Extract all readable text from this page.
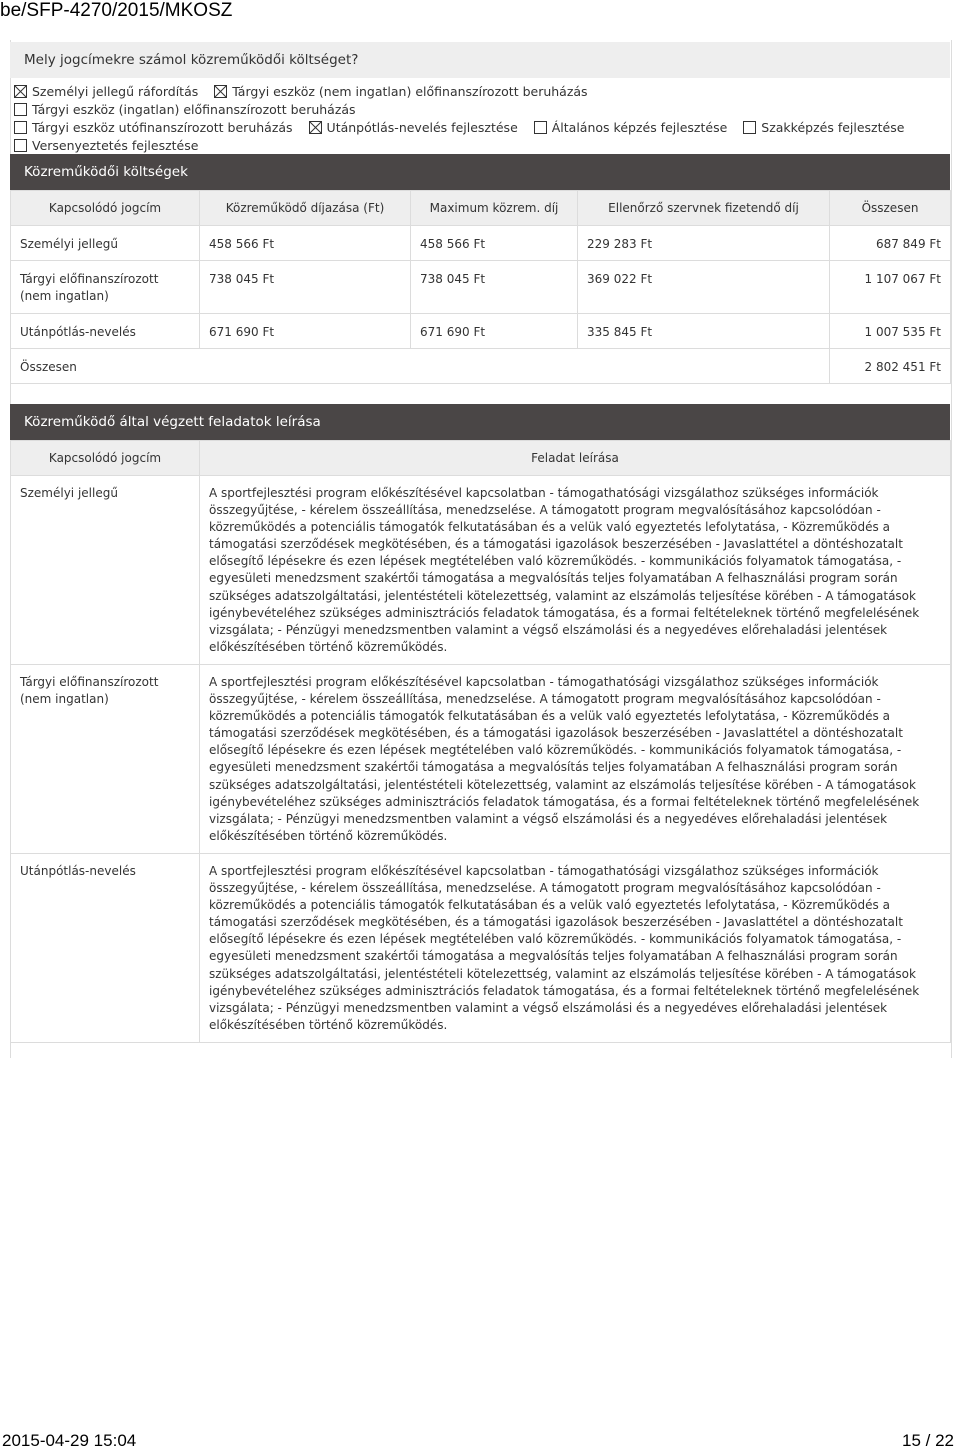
be/SFP-4270/2015/MKOSZ
Mely jogcímekre számol közreműködői költséget?
Személyi jellegű ráfordítás	Tárgyi eszköz (nem ingatlan) előfinanszírozott beruházás Tárgyi eszköz (ingatlan) előfinanszírozott beruházás
Tárgyi eszköz utófinanszírozott beruházás	Utánpótlás-nevelés fejlesztése	Általános képzés fejlesztése	Szakképzés fejlesztése
Versenyeztetés fejlesztése
Közreműködői költségek
Kapcsolódó jogcím	Közreműködő díjazása (Ft)	Maximum közrem. díj	Ellenőrző szervnek fizetendő díj	Összesen
Személyi jellegű	458 566 Ft	458 566 Ft	229 283 Ft	687 849 Ft
Tárgyi előfinanszírozott (nem ingatlan)	738 045 Ft	738 045 Ft	369 022 Ft	1 107 067 Ft
Utánpótlás-nevelés	671 690 Ft	671 690 Ft	335 845 Ft	1 007 535 Ft
Összesen				2 802 451 Ft
Közreműködő által végzett feladatok leírása
Kapcsolódó jogcím	Feladat leírása
Személyi jellegű	A sportfejlesztési program előkészítésével kapcsolatban - támogathatósági vizsgálathoz szükséges információk összegyűjtése, - kérelem összeállítása, menedzselése. A támogatott program megvalósításához kapcsolódóan - közreműködés a potenciális támogatók felkutatásában és a velük való egyeztetés lefolytatása, - Közreműködés a támogatási szerződések megkötésében, és a támogatási igazolások beszerzésében - Javaslattétel a döntéshozatalt elősegítő lépésekre és ezen lépések megtételében való közreműködés. - kommunikációs folyamatok támogatása, - egyesületi menedzsment szakértői támogatása a megvalósítás teljes folyamatában A felhasználási program során szükséges adatszolgáltatási, jelentéstételi kötelezettség, valamint az elszámolás teljesítése körében - A támogatások igénybevételéhez szükséges adminisztrációs feladatok támogatása, és a formai feltételeknek történő megfelelésének vizsgálata; - Pénzügyi menedzsmentben valamint a végső elszámolási és a negyedéves előrehaladási jelentések előkészítésében történő közreműködés.
Tárgyi előfinanszírozott (nem ingatlan)	A sportfejlesztési program előkészítésével kapcsolatban - támogathatósági vizsgálathoz szükséges információk összegyűjtése, - kérelem összeállítása, menedzselése. A támogatott program megvalósításához kapcsolódóan - közreműködés a potenciális támogatók felkutatásában és a velük való egyeztetés lefolytatása, - Közreműködés a támogatási szerződések megkötésében, és a támogatási igazolások beszerzésében - Javaslattétel a döntéshozatalt elősegítő lépésekre és ezen lépések megtételében való közreműködés. - kommunikációs folyamatok támogatása, - egyesületi menedzsment szakértői támogatása a megvalósítás teljes folyamatában A felhasználási program során szükséges adatszolgáltatási, jelentéstételi kötelezettség, valamint az elszámolás teljesítése körében - A támogatások igénybevételéhez szükséges adminisztrációs feladatok támogatása, és a formai feltételeknek történő megfelelésének vizsgálata; - Pénzügyi menedzsmentben valamint a végső elszámolási és a negyedéves előrehaladási jelentések előkészítésében történő közreműködés.
Utánpótlás-nevelés	A sportfejlesztési program előkészítésével kapcsolatban - támogathatósági vizsgálathoz szükséges információk összegyűjtése, - kérelem összeállítása, menedzselése. A támogatott program megvalósításához kapcsolódóan - közreműködés a potenciális támogatók felkutatásában és a velük való egyeztetés lefolytatása, - Közreműködés a támogatási szerződések megkötésében, és a támogatási igazolások beszerzésében - Javaslattétel a döntéshozatalt elősegítő lépésekre és ezen lépések megtételében való közreműködés. - kommunikációs folyamatok támogatása, - egyesületi menedzsment szakértői támogatása a megvalósítás teljes folyamatában A felhasználási program során szükséges adatszolgáltatási, jelentéstételi kötelezettség, valamint az elszámolás teljesítése körében - A támogatások igénybevételéhez szükséges adminisztrációs feladatok támogatása, és a formai feltételeknek történő megfelelésének vizsgálata; - Pénzügyi menedzsmentben valamint a végső elszámolási és a negyedéves előrehaladási jelentések előkészítésében történő közreműködés.
2015-04-29 15:04	15 / 22
